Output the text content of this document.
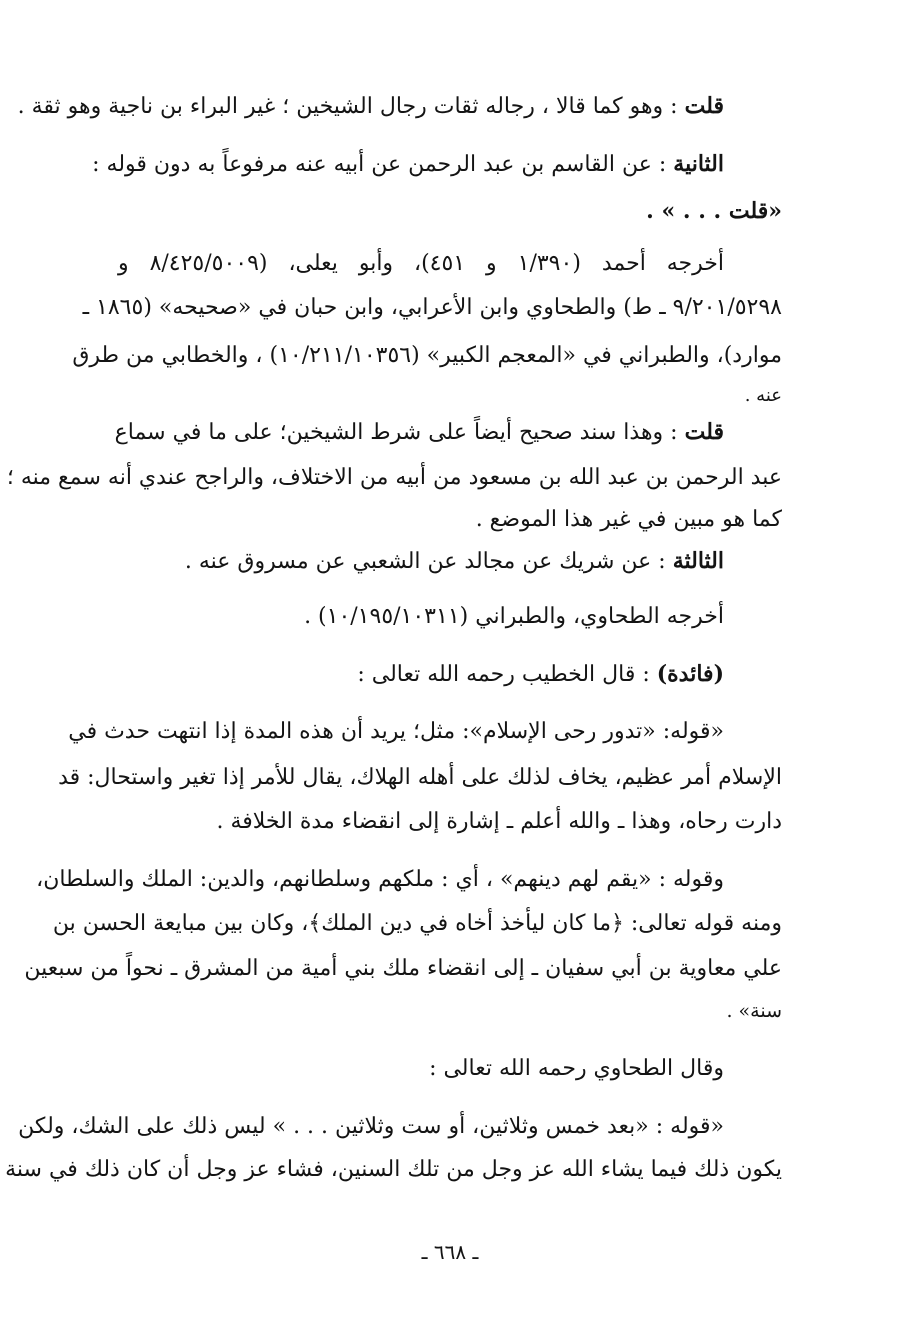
قلت : وهو كما قالا ، رجاله ثقات رجال الشيخين ؛ غير البراء بن ناجية وهو ثقة .
الثانية : عن القاسم بن عبد الرحمن عن أبيه عنه مرفوعاً به دون قوله :
«قلت . . . » .
أخرجه أحمد (١/٣٩٠ و ٤٥١)، وأبو يعلى، (٨/٤٢٥/٥٠٠٩ و
٩/٢٠١/٥٢٩٨ ـ ط) والطحاوي وابن الأعرابي، وابن حبان في «صحيحه» (١٨٦٥ ـ
موارد)، والطبراني في «المعجم الكبير» (١٠/٢١١/١٠٣٥٦) ، والخطابي من طرق
عنه .
قلت : وهذا سند صحيح أيضاً على شرط الشيخين؛ على ما في سماع
عبد الرحمن بن عبد الله بن مسعود من أبيه من الاختلاف، والراجح عندي أنه سمع منه ؛
كما هو مبين في غير هذا الموضع .
الثالثة : عن شريك عن مجالد عن الشعبي عن مسروق عنه .
أخرجه الطحاوي، والطبراني (١٠/١٩٥/١٠٣١١) .
(فائدة) : قال الخطيب رحمه الله تعالى :
«قوله: «تدور رحى الإسلام»: مثل؛ يريد أن هذه المدة إذا انتهت حدث في
الإسلام أمر عظيم، يخاف لذلك على أهله الهلاك، يقال للأمر إذا تغير واستحال: قد
دارت رحاه، وهذا ـ والله أعلم ـ إشارة إلى انقضاء مدة الخلافة .
وقوله : «يقم لهم دينهم» ، أي : ملكهم وسلطانهم، والدين: الملك والسلطان،
ومنه قوله تعالى: ﴿ما كان ليأخذ أخاه في دين الملك﴾، وكان بين مبايعة الحسن بن
علي معاوية بن أبي سفيان ـ إلى انقضاء ملك بني أمية من المشرق ـ نحواً من سبعين
سنة» .
وقال الطحاوي رحمه الله تعالى :
«قوله : «بعد خمس وثلاثين، أو ست وثلاثين . . . » ليس ذلك على الشك، ولكن
يكون ذلك فيما يشاء الله عز وجل من تلك السنين، فشاء عز وجل أن كان ذلك في سنة
ـ ٦٦٨ ـ
